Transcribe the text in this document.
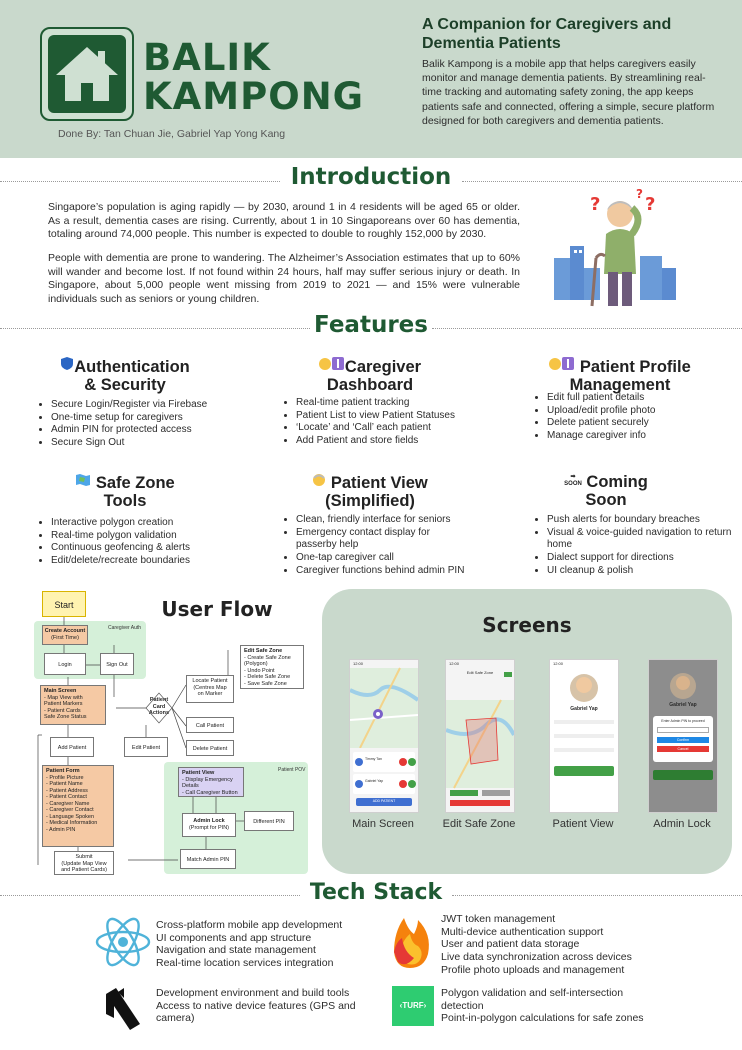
BALIK
KAMPONG
Done By: Tan Chuan Jie, Gabriel Yap Yong Kang
A Companion for Caregivers and Dementia Patients
Balik Kampong is a mobile app that helps caregivers easily monitor and manage dementia patients. By streamlining real-time tracking and automating safety zoning, the app keeps patients safe and connected, offering a simple, secure platform designed for both caregivers and dementia patients.
Introduction
Singapore’s population is aging rapidly — by 2030, around 1 in 4 residents will be aged 65 or older. As a result, dementia cases are rising. Currently, about 1 in 10 Singaporeans over 60 has dementia, totaling around 74,000 people. This number is expected to double to roughly 152,000 by 2030.
People with dementia are prone to wandering. The Alzheimer’s Association estimates that up to 60% will wander and become lost. If not found within 24 hours, half may suffer serious injury or death. In Singapore, about 5,000 people went missing from 2019 to 2021 — and 15% were vulnerable individuals such as seniors or young children.
? ?
?
Features
Authentication
& Security
• Secure Login/Register via Firebase
• One-time setup for caregivers
• Admin PIN for protected access
• Secure Sign Out
Caregiver
Dashboard
• Real-time patient tracking
• Patient List to view Patient Statuses
• ‘Locate’ and ‘Call’ each patient
• Add Patient and store fields
Patient Profile
Management
• Edit full patient details
• Upload/edit profile photo
• Delete patient securely
• Manage caregiver info
Safe Zone
Tools
• Interactive polygon creation
• Real-time polygon validation
• Continuous geofencing & alerts
• Edit/delete/recreate boundaries
Patient View
(Simplified)
• Clean, friendly interface for seniors
• Emergency contact display for passerby help
• One-tap caregiver call
• Caregiver functions behind admin PIN
➡
SOON Coming
Soon
• Push alerts for boundary breaches
• Visual & voice-guided navigation to return home
• Dialect support for directions
• UI cleanup & polish
User Flow
Caregiver Auth
Patient POV
Start
Create Account
(First Time)
Login	Sign Out
Main Screen
- Map View with
Patient Markers
- Patient Cards
Safe Zone Status
Patient
Card
Actions
Locate Patient
(Centres Map
on Marker
Call Patient
Delete Patient
Edit Patient
Add Patient
Edit Safe Zone
- Create Safe Zone
(Polygon)
- Undo Point
- Delete Safe Zone
- Save Safe Zone
Patient Form
- Profile Picture
- Patient Name
- Patient Address
- Patient Contact
- Caregiver Name
- Caregiver Contact
- Language Spoken
- Medical Information
- Admin PIN
Submit
(Update Map View
and Patient Cards)
Patient View
- Display Emergency
Details
- Call Caregiver Button
Admin Lock
(Prompt for PIN)
Different PIN
Match Admin PIN
Screens
12:00
Timmy Tan
Gabriel Yap
ADD PATIENT
Main Screen
12:00
Edit Safe Zone
Edit Safe Zone
12:00
Gabriel Yap
Patient View
Gabriel Yap
Enter Admin PIN to proceed
Confirm
Cancel
Admin Lock
Tech Stack
Cross-platform mobile app development
UI components and app structure
Navigation and state management
Real-time location services integration
JWT token management
Multi-device authentication support
User and patient data storage
Live data synchronization across devices
Profile photo uploads and management
Development environment and build tools
Access to native device features (GPS and
camera)
‹TURF›
Polygon validation and self-intersection
detection
Point-in-polygon calculations for safe zones
